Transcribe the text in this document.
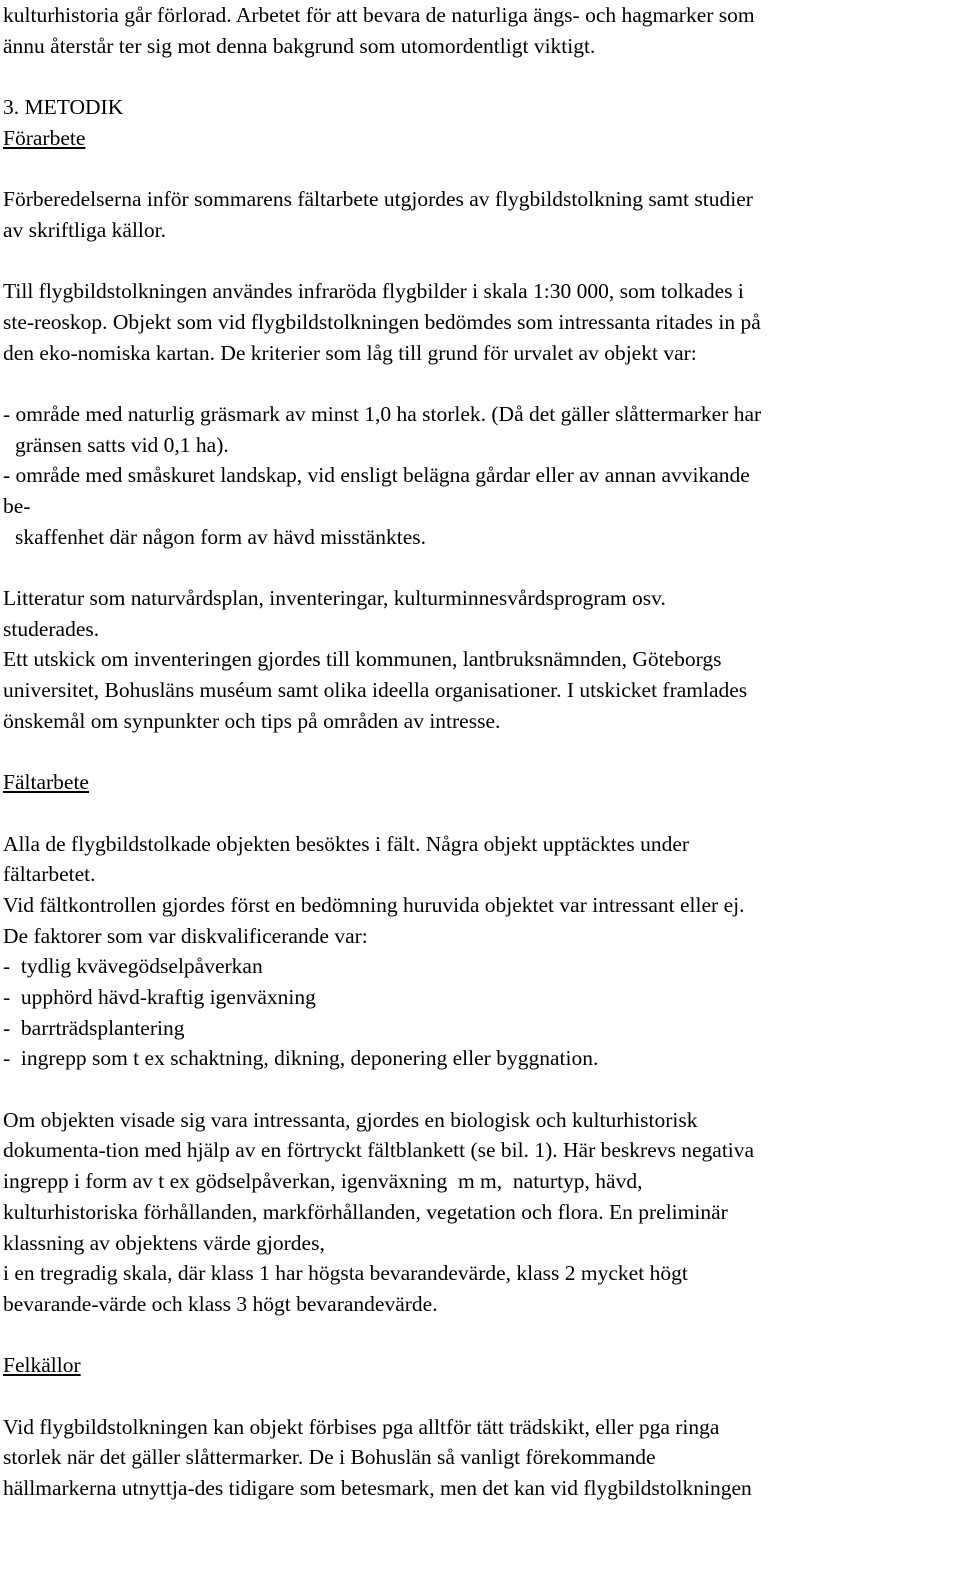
kulturhistoria går förlorad. Arbetet för att bevara de naturliga ängs- och hagmarker som
ännu återstår ter sig mot denna bakgrund som utomordentligt viktigt.
3. METODIK
Förarbete
Förberedelserna inför sommarens fältarbete utgjordes av flygbildstolkning samt studier
av skriftliga källor.
Till flygbildstolkningen användes infraröda flygbilder i skala 1:30 000, som tolkades i
ste-reoskop. Objekt som vid flygbildstolkningen bedömdes som intressanta ritades in på
den eko-nomiska kartan. De kriterier som låg till grund för urvalet av objekt var:
- område med naturlig gräsmark av minst 1,0 ha storlek. (Då det gäller slåttermarker har
gränsen satts vid 0,1 ha).
- område med småskuret landskap, vid ensligt belägna gårdar eller av annan avvikande
be-
skaffenhet där någon form av hävd misstänktes.
Litteratur som naturvårdsplan, inventeringar, kulturminnesvårdsprogram osv.
studerades.
Ett utskick om inventeringen gjordes till kommunen, lantbruksnämnden, Göteborgs
universitet, Bohusläns muséum samt olika ideella organisationer. I utskicket framlades
önskemål om synpunkter och tips på områden av intresse.
Fältarbete
Alla de flygbildstolkade objekten besöktes i fält. Några objekt upptäcktes under
fältarbetet.
Vid fältkontrollen gjordes först en bedömning huruvida objektet var intressant eller ej.
De faktorer som var diskvalificerande var:
-  tydlig kvävegödselpåverkan
-  upphörd hävd-kraftig igenväxning
-  barrträdsplantering
-  ingrepp som t ex schaktning, dikning, deponering eller byggnation.
Om objekten visade sig vara intressanta, gjordes en biologisk och kulturhistorisk
dokumenta-tion med hjälp av en förtryckt fältblankett (se bil. 1). Här beskrevs negativa
ingrepp i form av t ex gödselpåverkan, igenväxning  m m,  naturtyp, hävd,
kulturhistoriska förhållanden, markförhållanden, vegetation och flora. En preliminär
klassning av objektens värde gjordes,
i en tregradig skala, där klass 1 har högsta bevarandevärde, klass 2 mycket högt
bevarande-värde och klass 3 högt bevarandevärde.
Felkällor
Vid flygbildstolkningen kan objekt förbises pga alltför tätt trädskikt, eller pga ringa
storlek när det gäller slåttermarker. De i Bohuslän så vanligt förekommande
hällmarkerna utnyttja-des tidigare som betesmark, men det kan vid flygbildstolkningen
